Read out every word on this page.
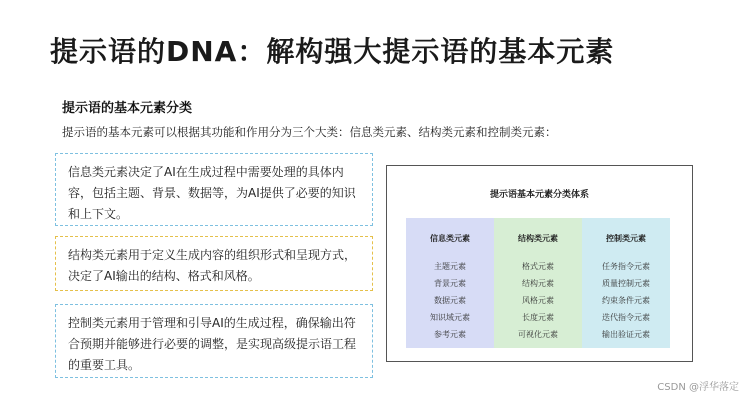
提示语的DNA：解构强大提示语的基本元素
提示语的基本元素分类
提示语的基本元素可以根据其功能和作用分为三个大类：信息类元素、结构类元素和控制类元素：
信息类元素决定了AI在生成过程中需要处理的具体内容，包括主题、背景、数据等，为AI提供了必要的知识和上下文。
结构类元素用于定义生成内容的组织形式和呈现方式，决定了AI输出的结构、格式和风格。
控制类元素用于管理和引导AI的生成过程，确保输出符合预期并能够进行必要的调整，是实现高级提示语工程的重要工具。
提示语基本元素分类体系
信息类元素
主题元素
背景元素
数据元素
知识域元素
参考元素
结构类元素
格式元素
结构元素
风格元素
长度元素
可视化元素
控制类元素
任务指令元素
质量控制元素
约束条件元素
迭代指令元素
输出验证元素
CSDN @浮华落定
